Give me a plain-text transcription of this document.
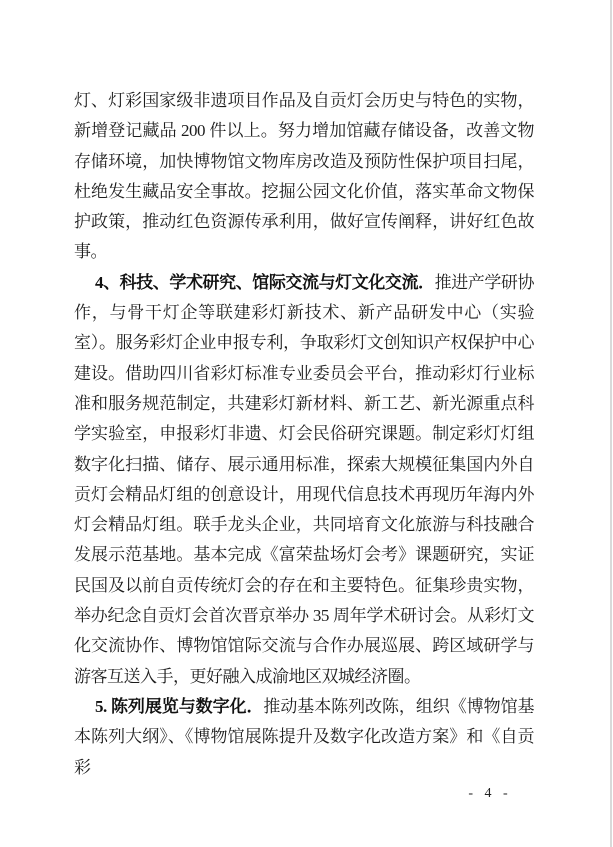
灯、灯彩国家级非遗项目作品及自贡灯会历史与特色的实物，新增登记藏品 200 件以上。努力增加馆藏存储设备，改善文物存储环境，加快博物馆文物库房改造及预防性保护项目扫尾，杜绝发生藏品安全事故。挖掘公园文化价值，落实革命文物保护政策，推动红色资源传承利用，做好宣传阐释，讲好红色故事。

4、科技、学术研究、馆际交流与灯文化交流．推进产学研协作，与骨干灯企等联建彩灯新技术、新产品研发中心（实验室）。服务彩灯企业申报专利，争取彩灯文创知识产权保护中心建设。借助四川省彩灯标准专业委员会平台，推动彩灯行业标准和服务规范制定，共建彩灯新材料、新工艺、新光源重点科学实验室，申报彩灯非遗、灯会民俗研究课题。制定彩灯灯组数字化扫描、储存、展示通用标准，探索大规模征集国内外自贡灯会精品灯组的创意设计，用现代信息技术再现历年海内外灯会精品灯组。联手龙头企业，共同培育文化旅游与科技融合发展示范基地。基本完成《富荣盐场灯会考》课题研究，实证民国及以前自贡传统灯会的存在和主要特色。征集珍贵实物，举办纪念自贡灯会首次晋京举办 35 周年学术研讨会。从彩灯文化交流协作、博物馆馆际交流与合作办展巡展、跨区域研学与游客互送入手，更好融入成渝地区双城经济圈。

5. 陈列展览与数字化．推动基本陈列改陈，组织《博物馆基本陈列大纲》、《博物馆展陈提升及数字化改造方案》和《自贡彩

- 4 -
